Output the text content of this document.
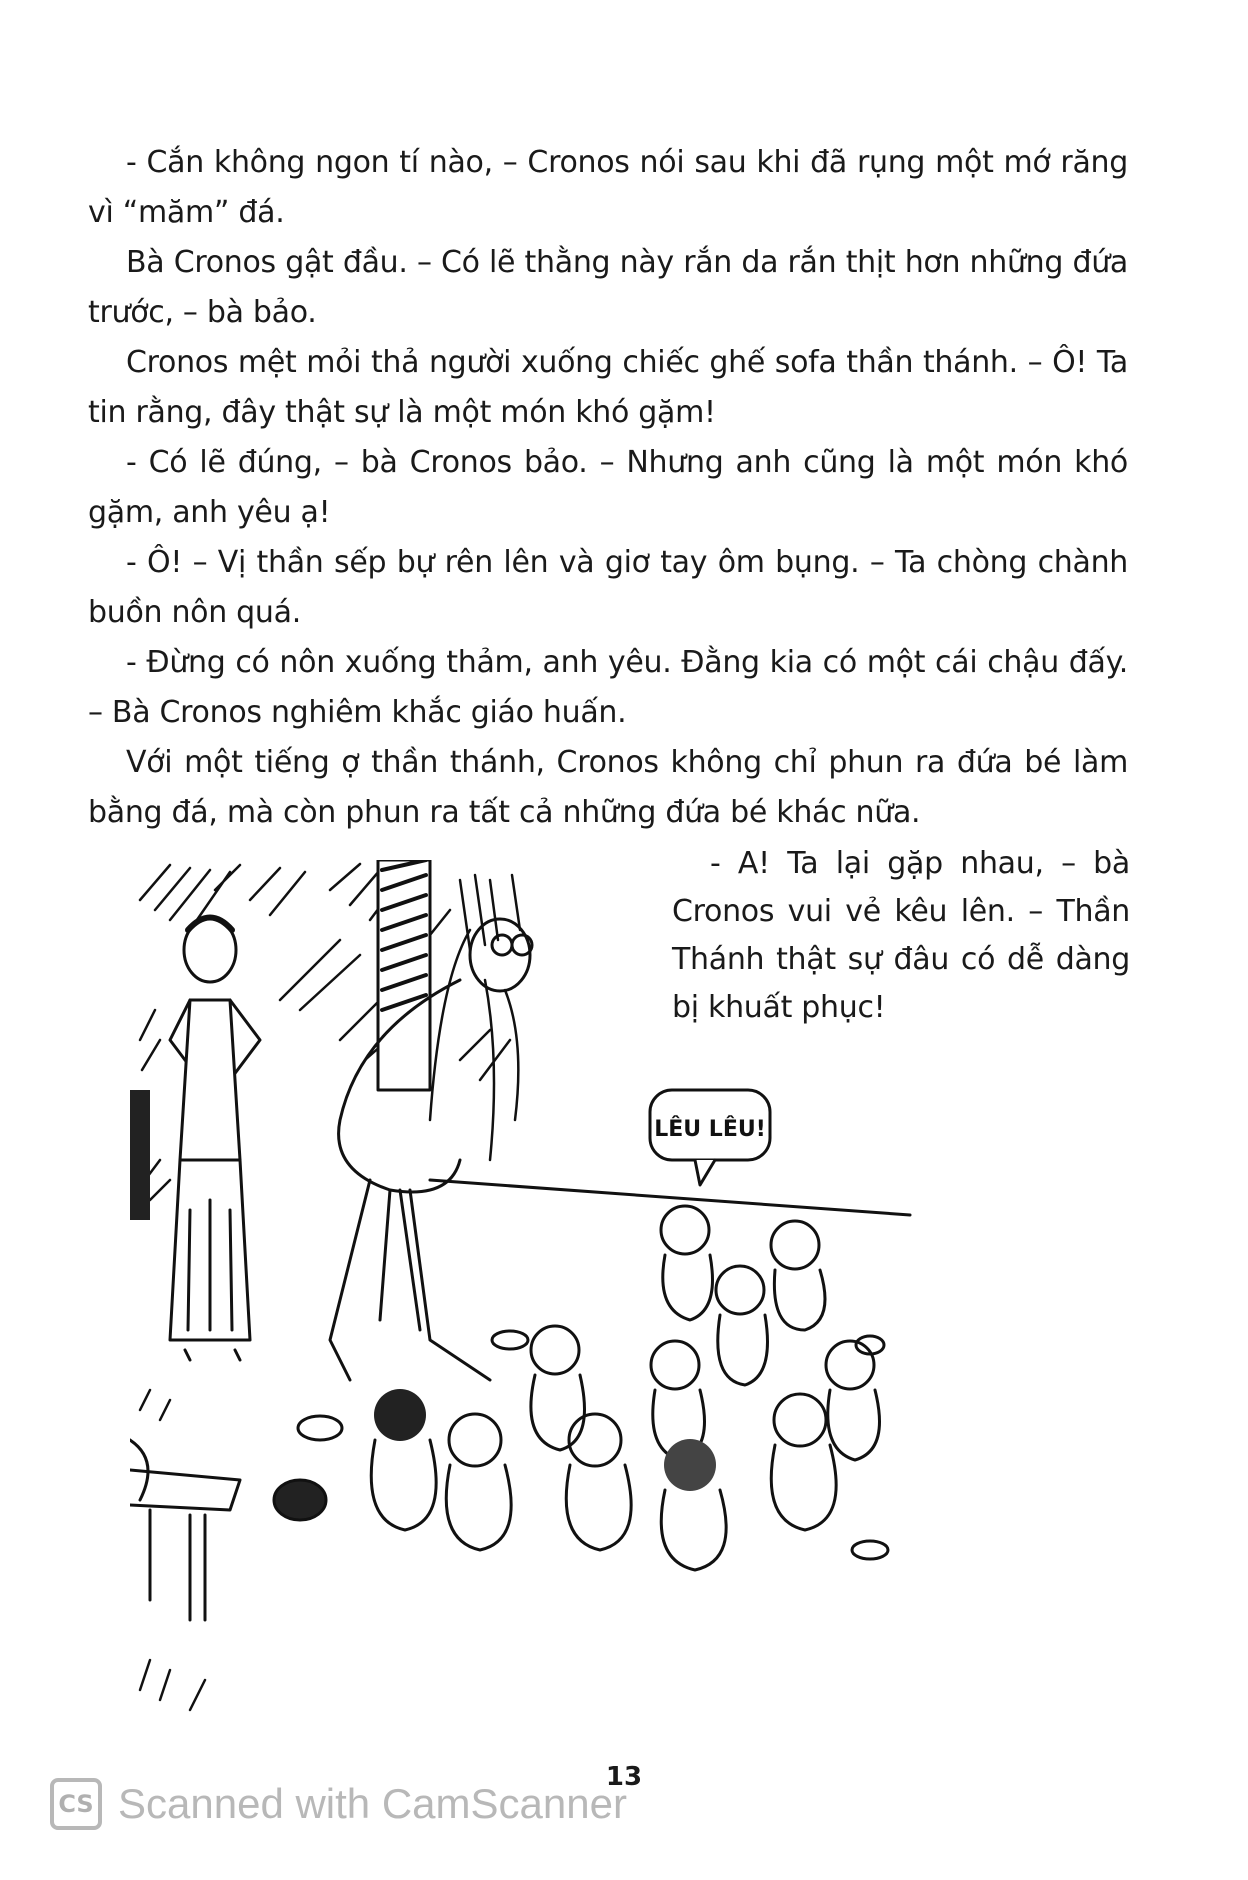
- Cắn không ngon tí nào, – Cronos nói sau khi đã rụng một mớ răng vì “măm” đá.

Bà Cronos gật đầu. – Có lẽ thằng này rắn da rắn thịt hơn những đứa trước, – bà bảo.

Cronos mệt mỏi thả người xuống chiếc ghế sofa thần thánh. – Ô! Ta tin rằng, đây thật sự là một món khó gặm!

- Có lẽ đúng, – bà Cronos bảo. – Nhưng anh cũng là một món khó gặm, anh yêu ạ!

- Ô! – Vị thần sếp bự rên lên và giơ tay ôm bụng. – Ta chòng chành buồn nôn quá.

- Đừng có nôn xuống thảm, anh yêu. Đằng kia có một cái chậu đấy. – Bà Cronos nghiêm khắc giáo huấn.

Với một tiếng ợ thần thánh, Cronos không chỉ phun ra đứa bé làm bằng đá, mà còn phun ra tất cả những đứa bé khác nữa.

- A! Ta lại gặp nhau, – bà Cronos vui vẻ kêu lên. – Thần Thánh thật sự đâu có dễ dàng bị khuất phục!

LÊU LÊU!
13
CS Scanned with CamScanner
